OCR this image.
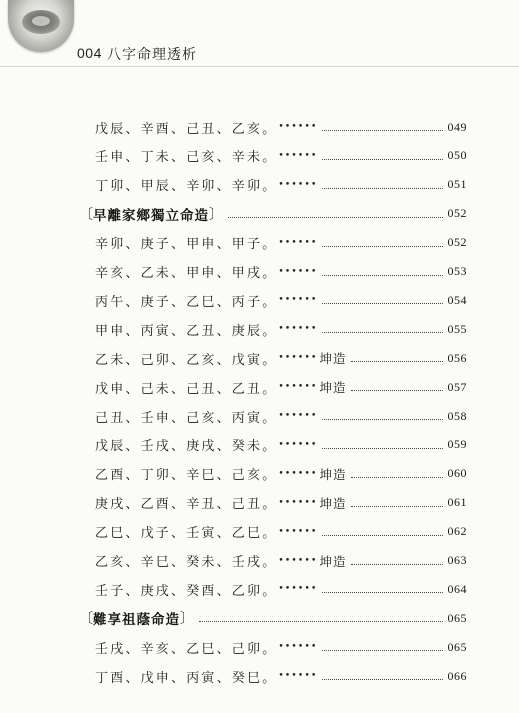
004 八字命理透析
戊辰、辛酉、己丑、乙亥。 ••••••	049
壬申、丁未、己亥、辛未。 ••••••	050
丁卯、甲辰、辛卯、辛卯。 ••••••	051
〔 早離家鄉獨立命造 〕	052
辛卯、庚子、甲申、甲子。 ••••••	052
辛亥、乙未、甲申、甲戌。 ••••••	053
丙午、庚子、乙巳、丙子。 ••••••	054
甲申、丙寅、乙丑、庚辰。 ••••••	055
乙未、己卯、乙亥、戊寅。 •••••• 坤造	056
戊申、己未、己丑、乙丑。 •••••• 坤造	057
己丑、壬申、己亥、丙寅。 ••••••	058
戊辰、壬戌、庚戌、癸未。 ••••••	059
乙酉、丁卯、辛巳、己亥。 •••••• 坤造	060
庚戌、乙酉、辛丑、己丑。 •••••• 坤造	061
乙巳、戊子、壬寅、乙巳。 ••••••	062
乙亥、辛巳、癸未、壬戌。 •••••• 坤造	063
壬子、庚戌、癸酉、乙卯。 ••••••	064
〔 難享祖蔭命造 〕	065
壬戌、辛亥、乙巳、己卯。 ••••••	065
丁酉、戊申、丙寅、癸巳。 ••••••	066
